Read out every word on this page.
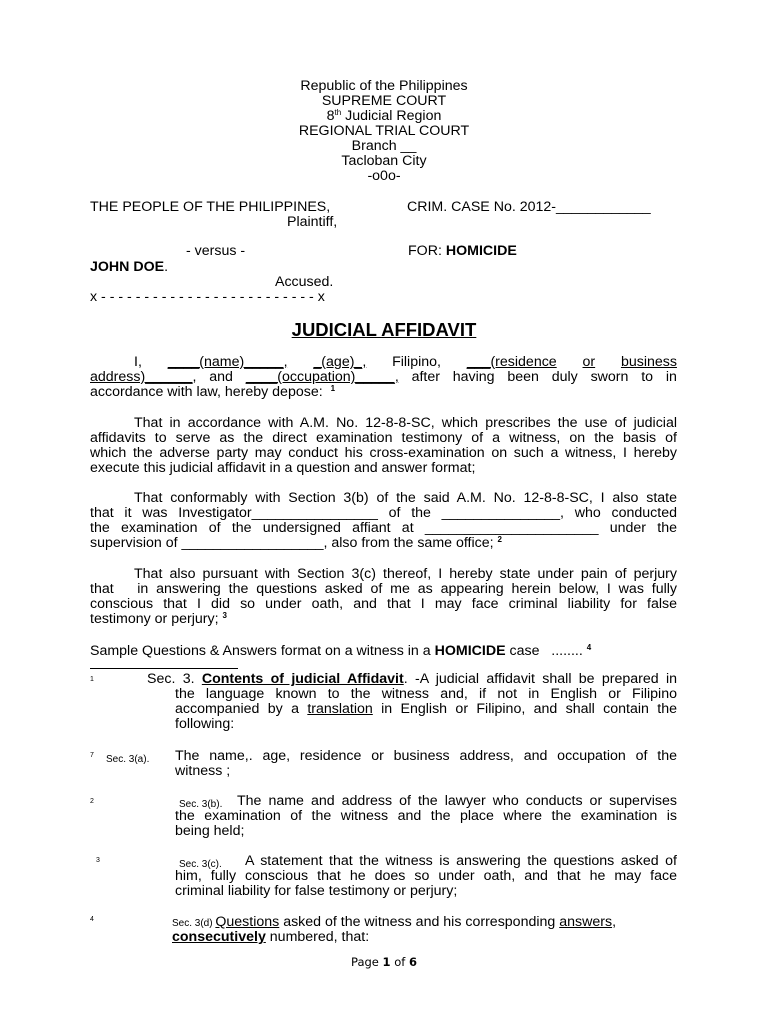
Republic of the Philippines
SUPREME COURT
8th Judicial Region
REGIONAL TRIAL COURT
Branch __
Tacloban City
-o0o-
THE PEOPLE OF THE PHILIPPINES,
Plaintiff,
CRIM. CASE No. 2012-____________
- versus -	FOR: HOMICIDE
JOHN DOE.
Accused.
x - - - - - - - - - - - - - - - - - - - - - - - - - x
JUDICIAL AFFIDAVIT
I, ____(name)_____, _(age)_, Filipino, ___(residence or business
address)______, and ____(occupation)_____, after having been duly sworn to in
accordance with law, hereby depose: $^1$
That in accordance with A.M. No. 12-8-8-SC, which prescribes the use of judicial
affidavits to serve as the direct examination testimony of a witness, on the basis of
which the adverse party may conduct his cross-examination on such a witness, I hereby
execute this judicial affidavit in a question and answer format;
That conformably with Section 3(b) of the said A.M. No. 12-8-8-SC, I also state
that it was Investigator________________ of the _______________, who conducted
the examination of the undersigned affiant at ______________________ under the
supervision of __________________, also from the same office; $^2$
That also pursuant with Section 3(c) thereof, I hereby state under pain of perjury
that   in answering the questions asked of me as appearing herein below, I was fully
conscious that I did so under oath, and that I may face criminal liability for false
testimony or perjury; $^3$
Sample Questions & Answers format on a witness in a HOMICIDE case   ........ $^4$
1	Sec. 3. Contents of judicial Affidavit. -A judicial affidavit shall be prepared in
the language known to the witness and, if not in English or Filipino
accompanied by a translation in English or Filipino, and shall contain the
following:
7 Sec. 3(a). The name,. age, residence or business address, and occupation of the
witness ;
2	Sec. 3(b).	The name and address of the lawyer who conducts or supervises
the examination of the witness and the place where the examination is
being held;
3	Sec. 3(c).	A statement that the witness is answering the questions asked of
him, fully conscious that he does so under oath, and that he may face
criminal liability for false testimony or perjury;
4	Sec. 3(d) Questions asked of the witness and his corresponding answers,
consecutively numbered, that:
Page 1 of 6
